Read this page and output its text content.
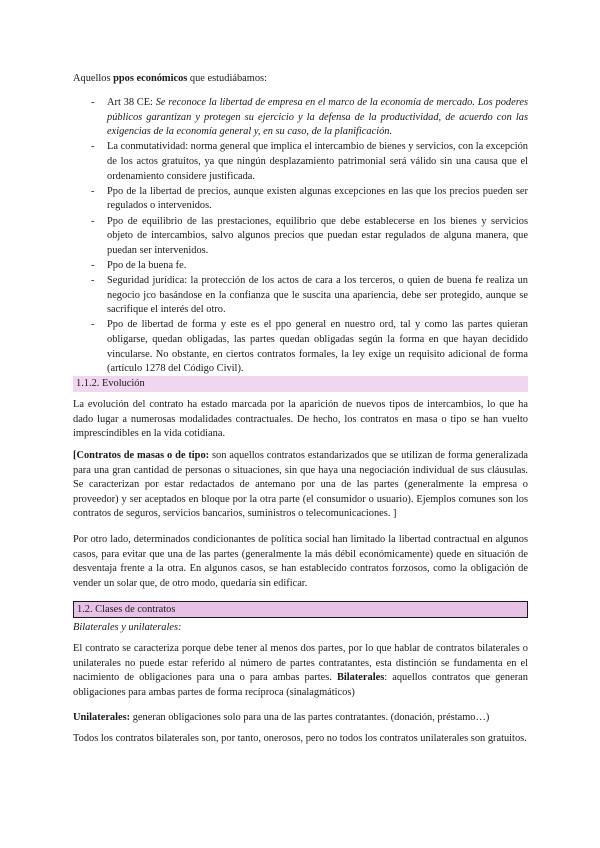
Aquellos ppos económicos que estudiábamos:

- Art 38 CE: Se reconoce la libertad de empresa en el marco de la economía de mercado. Los poderes públicos garantizan y protegen su ejercicio y la defensa de la productividad, de acuerdo con las exigencias de la economía general y, en su caso, de la planificación.
- La conmutatividad: norma general que implica el intercambio de bienes y servicios, con la excepción de los actos gratuitos, ya que ningún desplazamiento patrimonial será válido sin una causa que el ordenamiento considere justificada.
- Ppo de la libertad de precios, aunque existen algunas excepciones en las que los precios pueden ser regulados o intervenidos.
- Ppo de equilibrio de las prestaciones, equilibrio que debe establecerse en los bienes y servicios objeto de intercambios, salvo algunos precios que puedan estar regulados de alguna manera, que puedan ser intervenidos.
- Ppo de la buena fe.
- Seguridad jurídica: la protección de los actos de cara a los terceros, o quien de buena fe realiza un negocio jco basándose en la confianza que le suscita una apariencia, debe ser protegido, aunque se sacrifique el interés del otro.
- Ppo de libertad de forma y este es el ppo general en nuestro ord, tal y como las partes quieran obligarse, quedan obligadas, las partes quedan obligadas según la forma en que hayan decidido vincularse. No obstante, en ciertos contratos formales, la ley exige un requisito adicional de forma (artículo 1278 del Código Civil).
1.1.2. Evolución

La evolución del contrato ha estado marcada por la aparición de nuevos tipos de intercambios, lo que ha dado lugar a numerosas modalidades contractuales. De hecho, los contratos en masa o tipo se han vuelto imprescindibles en la vida cotidiana.

[Contratos de masas o de tipo: son aquellos contratos estandarizados que se utilizan de forma generalizada para una gran cantidad de personas o situaciones, sin que haya una negociación individual de sus cláusulas. Se caracterizan por estar redactados de antemano por una de las partes (generalmente la empresa o proveedor) y ser aceptados en bloque por la otra parte (el consumidor o usuario). Ejemplos comunes son los contratos de seguros, servicios bancarios, suministros o telecomunicaciones. ]

Por otro lado, determinados condicionantes de política social han limitado la libertad contractual en algunos casos, para evitar que una de las partes (generalmente la más débil económicamente) quede en situación de desventaja frente a la otra. En algunos casos, se han establecido contratos forzosos, como la obligación de vender un solar que, de otro modo, quedaría sin edificar.

1.2. Clases de contratos
Bilaterales y unilaterales:

El contrato se caracteriza porque debe tener al menos dos partes, por lo que hablar de contratos bilaterales o unilaterales no puede estar referido al número de partes contratantes, esta distinción se fundamenta en el nacimiento de obligaciones para una o para ambas partes. Bilaterales: aquellos contratos que generan obligaciones para ambas partes de forma recíproca (sinalagmáticos)

Unilaterales: generan obligaciones solo para una de las partes contratantes. (donación, préstamo…)

Todos los contratos bilaterales son, por tanto, onerosos, pero no todos los contratos unilaterales son gratuitos.
